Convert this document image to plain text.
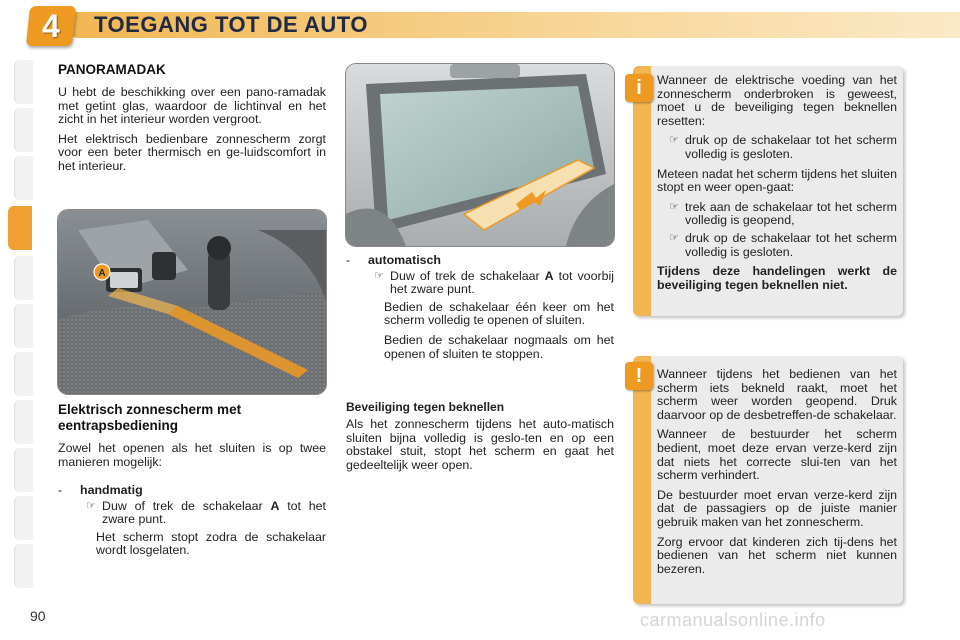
4 TOEGANG TOT DE AUTO
PANORAMADAK

U hebt de beschikking over een pano-ramadak met getint glas, waardoor de lichtinval en het zicht in het interieur worden vergroot.

Het elektrisch bedienbare zonnescherm zorgt voor een beter thermisch en ge-luidscomfort in het interieur.

A
Elektrisch zonnescherm met eentrapsbediening
Zowel het openen als het sluiten is op twee manieren mogelijk:
-	handmatig
☞ Duw of trek de schakelaar A tot het zware punt.
Het scherm stopt zodra de schakelaar wordt losgelaten.
-	automatisch
☞ Duw of trek de schakelaar A tot voorbij het zware punt.

Bedien de schakelaar één keer om het scherm volledig te openen of sluiten.

Bedien de schakelaar nogmaals om het openen of sluiten te stoppen.

Beveiliging tegen beknellen
Als het zonnescherm tijdens het auto-matisch sluiten bijna volledig is geslo-ten en op een obstakel stuit, stopt het scherm en gaat het gedeeltelijk weer open.
i	Wanneer de elektrische voeding van het zonnescherm onderbroken is geweest, moet u de beveiliging tegen beknellen resetten:

☞ druk op de schakelaar tot het scherm volledig is gesloten.

Meteen nadat het scherm tijdens het sluiten stopt en weer open-gaat:

☞ trek aan de schakelaar tot het scherm volledig is geopend,
☞ druk op de schakelaar tot het scherm volledig is gesloten.

Tijdens deze handelingen werkt de beveiliging tegen beknellen niet.

!	Wanneer tijdens het bedienen van het scherm iets bekneld raakt, moet het scherm weer worden geopend. Druk daarvoor op de desbetreffen-de schakelaar.

Wanneer de bestuurder het scherm bedient, moet deze ervan verze-kerd zijn dat niets het correcte slui-ten van het scherm verhindert.

De bestuurder moet ervan verze-kerd zijn dat de passagiers op de juiste manier gebruik maken van het zonnescherm.

Zorg ervoor dat kinderen zich tij-dens het bedienen van het scherm niet kunnen bezeren.

90	carmanualsonline.info
